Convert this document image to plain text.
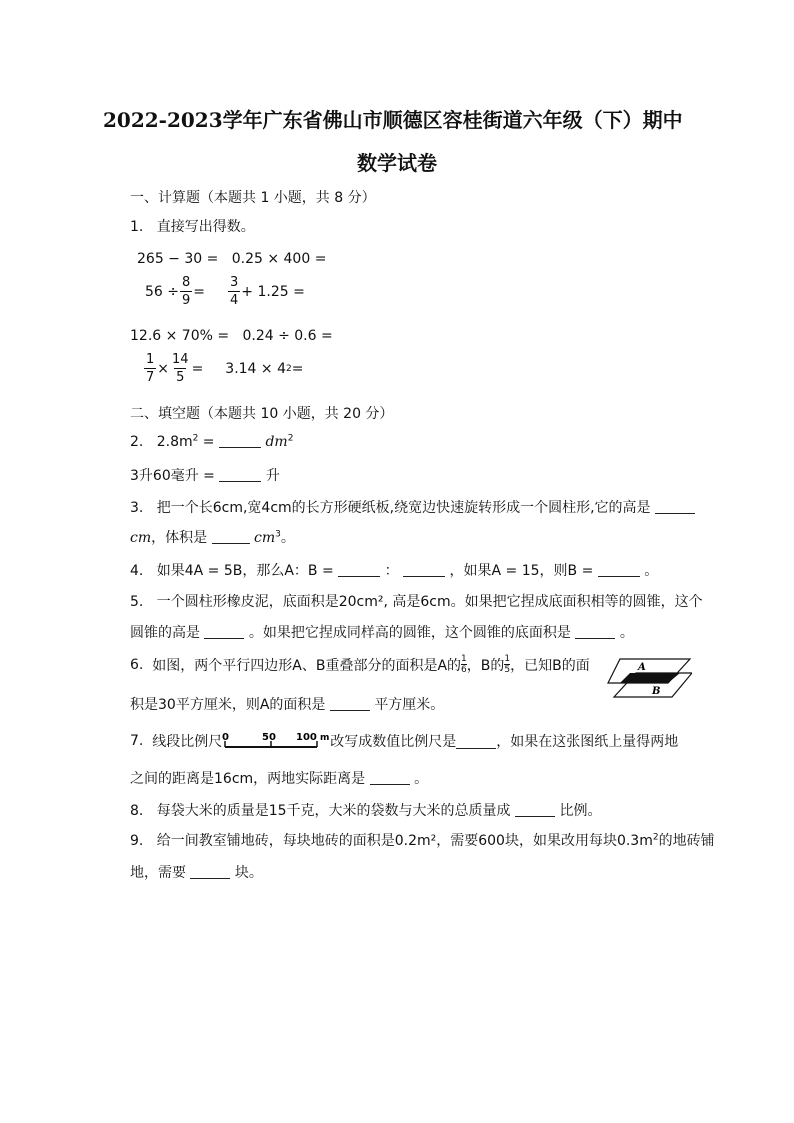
2022-2023学年广东省佛山市顺德区容桂街道六年级（下）期中
数学试卷
一、计算题（本题共 1 小题，共 8 分）
1. 直接写出得数。
265 − 30 = 0.25 × 400 =
$56 \div \frac{8}{9} = \frac{3}{4} + 1.25$ =
12.6 × 70% = 0.24 ÷ 0.6 =
$\frac{1}{7} \times \frac{14}{5} = 3.14 \times 4$ 2 =
二、填空题（本题共 10 小题，共 20 分）
2. $2.8m^2$ =	$dm^2$
3升60毫升 =	升
3. 把一个长6cm,宽4cm的长方形硬纸板,绕宽边快速旋转形成一个圆柱形,它的高是
cm，体积是	$cm^3$。
4. 如果4A = 5B，那么A：B =	：	，如果A = 15，则B =	。
5. 一个圆柱形橡皮泥，底面积是20cm², 高是6cm。如果把它捏成底面积相等的圆锥，这个
圆锥的高是	。如果把它捏成同样高的圆锥，这个圆锥的底面积是	。
6.
如图，两个平行四边形A、B重叠部分的面积是A的 1
6 ，B的 1
5 ，已知B的面
积是30平方厘米，则A的面积是	平方厘米。
A
B
7.
线段比例尺 0	50 100 m 改写成数值比例尺是	，如果在这张图纸上量得两地
之间的距离是16cm，两地实际距离是	。
8. 每袋大米的质量是15千克，大米的袋数与大米的总质量成	比例。
9. 给一间教室铺地砖，每块地砖的面积是0.2m²，需要600块，如果改用每块$0.3m^2$的地砖铺
地，需要	块。
